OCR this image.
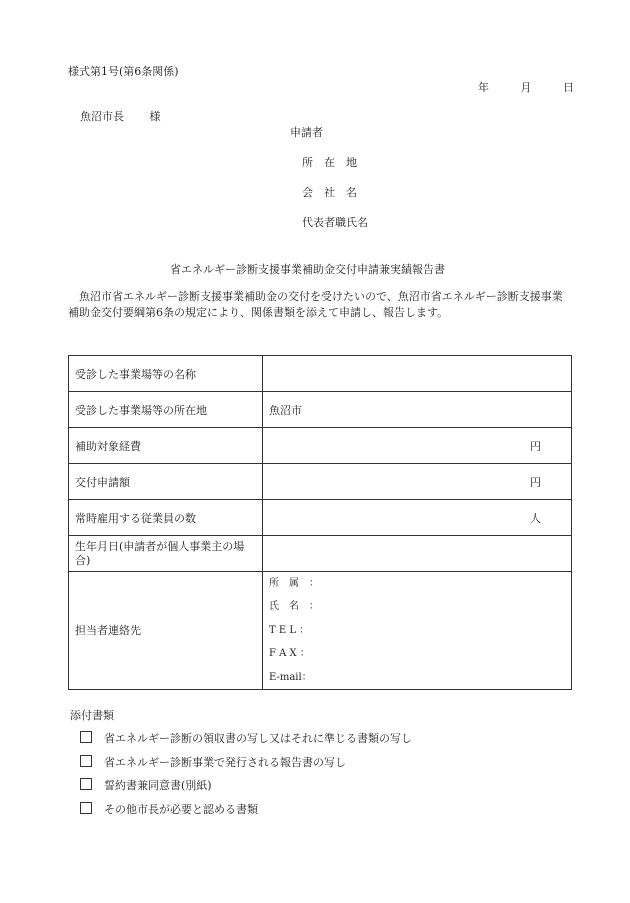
様式第1号(第6条関係)
年	月	日
魚沼市長 様
申請者
所　在　地
会　社　名
代表者職氏名
省エネルギー診断支援事業補助金交付申請兼実績報告書
　魚沼市省エネルギー診断支援事業補助金の交付を受けたいので、魚沼市省エネルギー診断支援事業補助金交付要綱第6条の規定により、関係書類を添えて申請し、報告します。
受診した事業場等の名称	
受診した事業場等の所在地	魚沼市
補助対象経費	円

交付申請額	円

常時雇用する従業員の数	人

生年月日(申請者が個人事業主の場合)	
担当者連絡先	所　属　：
氏　名　：
T E L ：
F A X ：
E-mail：
添付書類
省エネルギー診断の領収書の写し又はそれに準じる書類の写し
省エネルギー診断事業で発行される報告書の写し
誓約書兼同意書(別紙)
その他市長が必要と認める書類
